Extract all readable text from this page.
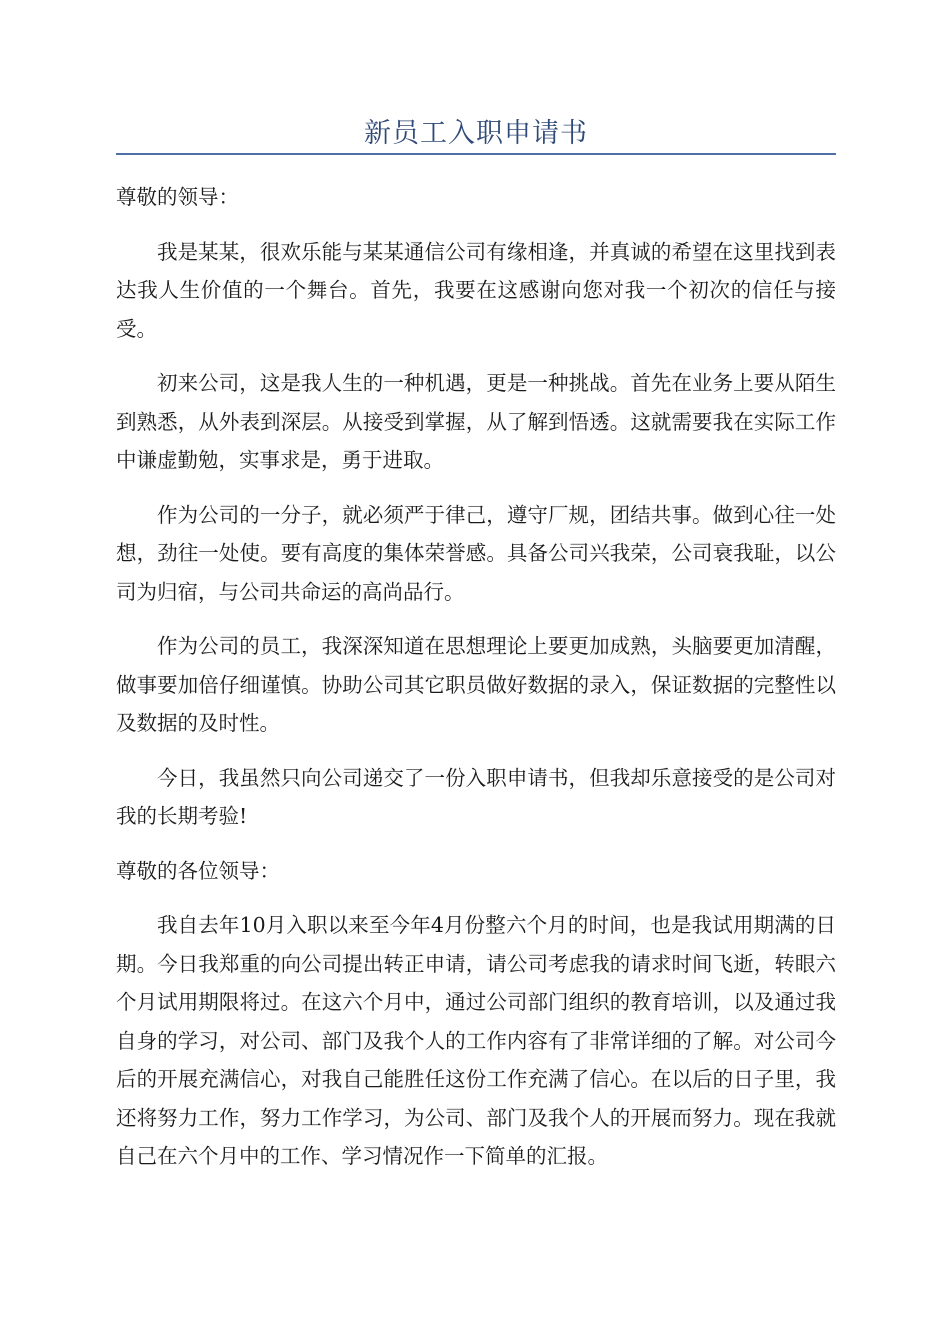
新员工入职申请书

尊敬的领导：

我是某某，很欢乐能与某某通信公司有缘相逢，并真诚的希望在这里找到表达我人生价值的一个舞台。首先，我要在这感谢向您对我一个初次的信任与接受。

初来公司，这是我人生的一种机遇，更是一种挑战。首先在业务上要从陌生到熟悉，从外表到深层。从接受到掌握，从了解到悟透。这就需要我在实际工作中谦虚勤勉，实事求是，勇于进取。

作为公司的一分子，就必须严于律己，遵守厂规，团结共事。做到心往一处想，劲往一处使。要有高度的集体荣誉感。具备公司兴我荣，公司衰我耻，以公司为归宿，与公司共命运的高尚品行。

作为公司的员工，我深深知道在思想理论上要更加成熟，头脑要更加清醒，做事要加倍仔细谨慎。协助公司其它职员做好数据的录入，保证数据的完整性以及数据的及时性。

今日，我虽然只向公司递交了一份入职申请书，但我却乐意接受的是公司对我的长期考验!

尊敬的各位领导：

我自去年10月入职以来至今年4月份整六个月的时间，也是我试用期满的日期。今日我郑重的向公司提出转正申请，请公司考虑我的请求时间飞逝，转眼六个月试用期限将过。在这六个月中，通过公司部门组织的教育培训，以及通过我自身的学习，对公司、部门及我个人的工作内容有了非常详细的了解。对公司今后的开展充满信心，对我自己能胜任这份工作充满了信心。在以后的日子里，我还将努力工作，努力工作学习，为公司、部门及我个人的开展而努力。现在我就自己在六个月中的工作、学习情况作一下简单的汇报。
